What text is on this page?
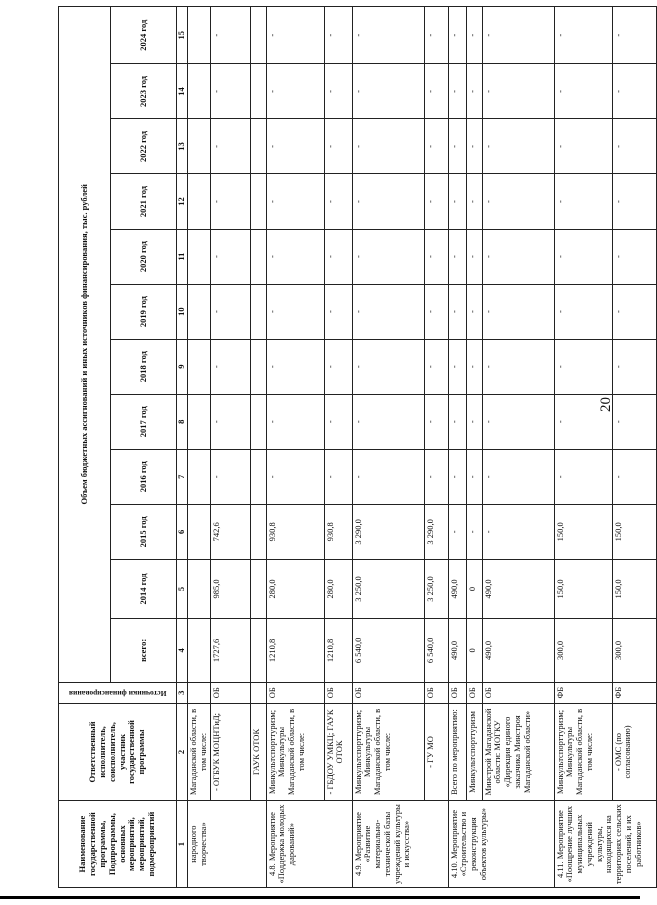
20
Наименование государственной программы, Подпрограммы, основных мероприятий, мероприятий, подмероприятий	Ответственный исполнитель, соисполнитель, участник государственной программы	Источники финансирования	Объем бюджетных ассигнований и иных источников финансирования, тыс. рублей											
			всего:	2014 год	2015 год	2016 год	2017 год	2018 год	2019 год	2020 год	2021 год	2022 год	2023 год	2024 год
1	2	3	4	5	6	7	8	9	10	11	12	13	14	15
народного творчества»	Магаданской области, в том числе:													
	- ОГБУК МОЦНТиД;	ОБ	1727,6	985,0	742,6	-	-	-	-	-	-	-	-	-
	ГАУК ОТОК													
4.8. Мероприятие «Поддержка молодых дарований»	Минкультспорттуризм; Минкультуры Магаданской области, в том числе:	ОБ	1210,8	280,0	930,8	-	-	-	-	-	-	-	-	-
	- ГБДОУ УМКЦ; ГАУК ОТОК	ОБ	1210,8	280,0	930,8	-	-	-	-	-	-	-	-	-
4.9. Мероприятие «Развитие материально-технической базы учреждений культуры и искусства»	Минкультспорттуризм; Минкультуры Магаданской области, в том числе:	ОБ	6 540,0	3 250,0	3 290,0	-	-	-	-	-	-	-	-	-
	- ГУ МО	ОБ	6 540,0	3 250,0	3 290,0	-	-	-	-	-	-	-	-	-
4.10. Мероприятие «Строительство и реконструкция объектов культуры»	Всего по мероприятию:	ОБ	490,0	490,0	-	-	-	-	-	-	-	-	-	-
	Минкультспорттуризм	ОБ	0	0	-	-	-	-	-	-	-	-	-	-
	Минстрой Магаданской области: МОГКУ «Дирекция единого заказчика Минстроя Магаданской области»	ОБ	490,0	490,0	-	-	-	-	-	-	-	-	-	-
4.11. Мероприятие «Поощрение лучших муниципальных учреждений культуры, находящихся на территориях сельских поселений, и их работников»	Минкультспорттуризм; Минкультуры Магаданской области, в том числе:	ФБ	300,0	150,0	150,0	-	-	-	-	-	-	-	-	-
	- ОМС (по согласованию)	ФБ	300,0	150,0	150,0	-	-	-	-	-	-	-	-	-
